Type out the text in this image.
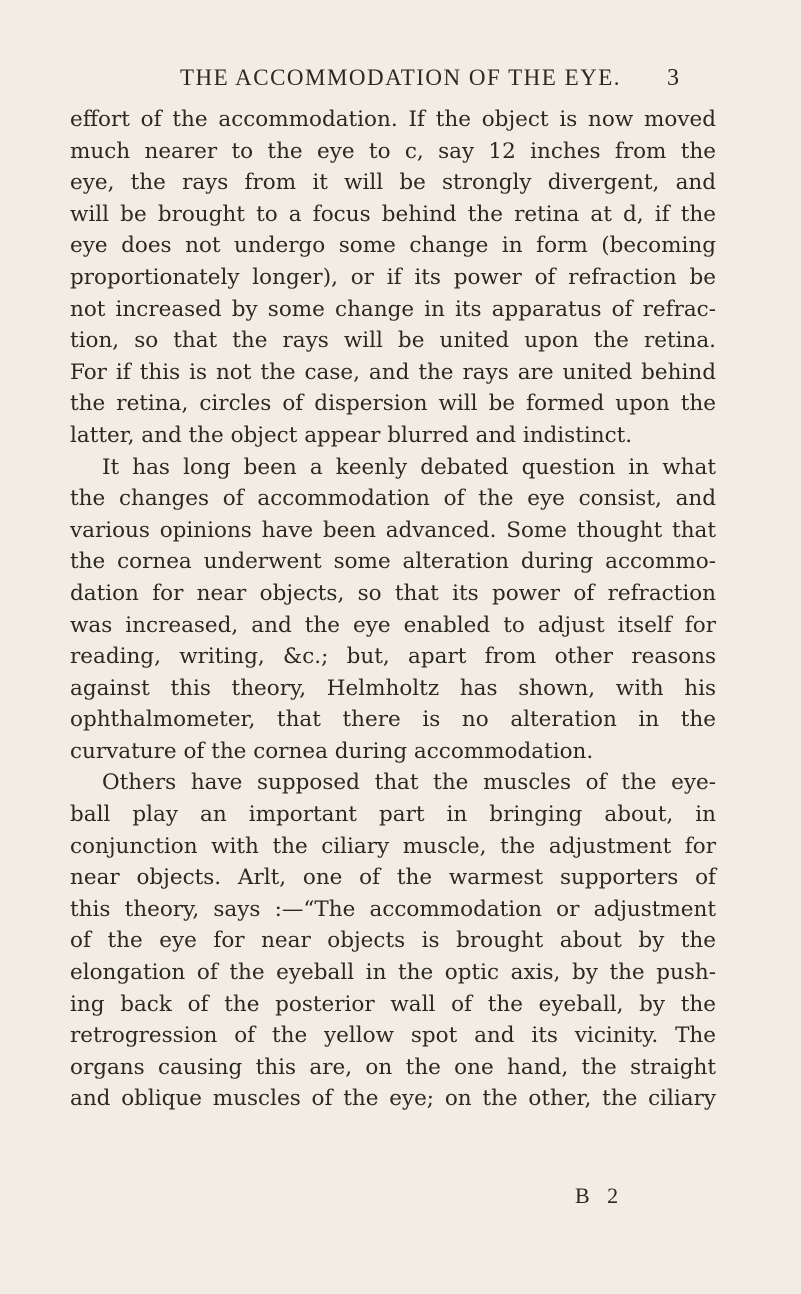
THE ACCOMMODATION OF THE EYE.	3

effort of the accommodation. If the object is now moved

much nearer to the eye to c, say 12 inches from the

eye, the rays from it will be strongly divergent, and

will be brought to a focus behind the retina at d, if the

eye does not undergo some change in form (becoming

proportionately longer), or if its power of refraction be

not increased by some change in its apparatus of refrac-

tion, so that the rays will be united upon the retina.

For if this is not the case, and the rays are united behind

the retina, circles of dispersion will be formed upon the

latter, and the object appear blurred and indistinct.

It has long been a keenly debated question in what

the changes of accommodation of the eye consist, and

various opinions have been advanced. Some thought that

the cornea underwent some alteration during accommo-

dation for near objects, so that its power of refraction

was increased, and the eye enabled to adjust itself for

reading, writing, &c.; but, apart from other reasons

against this theory, Helmholtz has shown, with his

ophthalmometer, that there is no alteration in the

curvature of the cornea during accommodation.

Others have supposed that the muscles of the eye-

ball play an important part in bringing about, in

conjunction with the ciliary muscle, the adjustment for

near objects. Arlt, one of the warmest supporters of

this theory, says :—“The accommodation or adjustment

of the eye for near objects is brought about by the

elongation of the eyeball in the optic axis, by the push-

ing back of the posterior wall of the eyeball, by the

retrogression of the yellow spot and its vicinity. The

organs causing this are, on the one hand, the straight

and oblique muscles of the eye; on the other, the ciliary

B 2
